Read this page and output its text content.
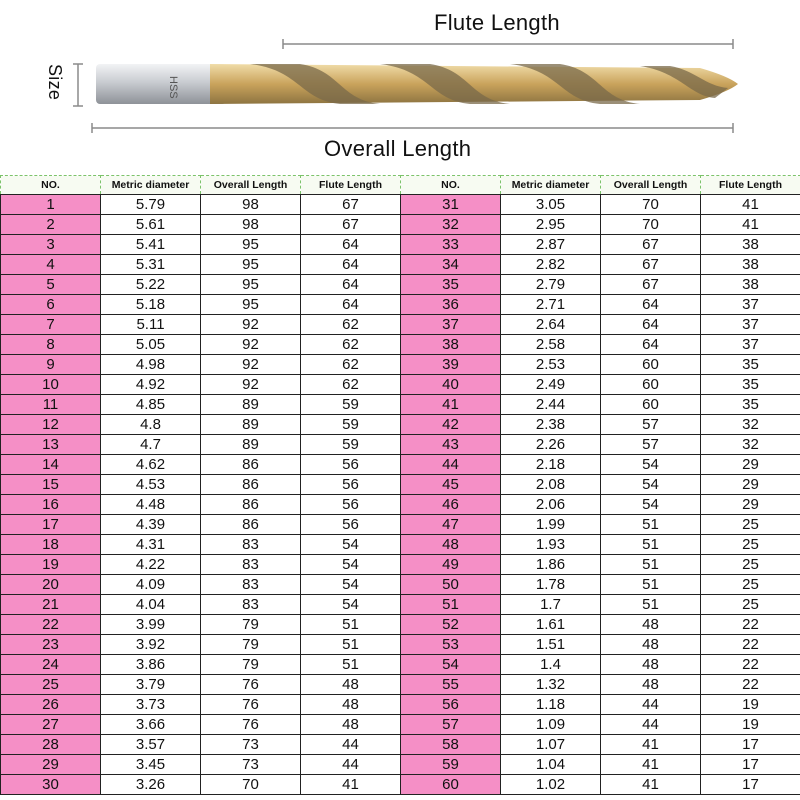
HSS
Flute Length
Overall Length
Size
NO.	Metric diameter	Overall Length	Flute Length	NO.	Metric diameter	Overall Length	Flute Length
1	5.79	98	67	31	3.05	70	41
2	5.61	98	67	32	2.95	70	41
3	5.41	95	64	33	2.87	67	38
4	5.31	95	64	34	2.82	67	38
5	5.22	95	64	35	2.79	67	38
6	5.18	95	64	36	2.71	64	37
7	5.11	92	62	37	2.64	64	37
8	5.05	92	62	38	2.58	64	37
9	4.98	92	62	39	2.53	60	35
10	4.92	92	62	40	2.49	60	35
11	4.85	89	59	41	2.44	60	35
12	4.8	89	59	42	2.38	57	32
13	4.7	89	59	43	2.26	57	32
14	4.62	86	56	44	2.18	54	29
15	4.53	86	56	45	2.08	54	29
16	4.48	86	56	46	2.06	54	29
17	4.39	86	56	47	1.99	51	25
18	4.31	83	54	48	1.93	51	25
19	4.22	83	54	49	1.86	51	25
20	4.09	83	54	50	1.78	51	25
21	4.04	83	54	51	1.7	51	25
22	3.99	79	51	52	1.61	48	22
23	3.92	79	51	53	1.51	48	22
24	3.86	79	51	54	1.4	48	22
25	3.79	76	48	55	1.32	48	22
26	3.73	76	48	56	1.18	44	19
27	3.66	76	48	57	1.09	44	19
28	3.57	73	44	58	1.07	41	17
29	3.45	73	44	59	1.04	41	17
30	3.26	70	41	60	1.02	41	17
